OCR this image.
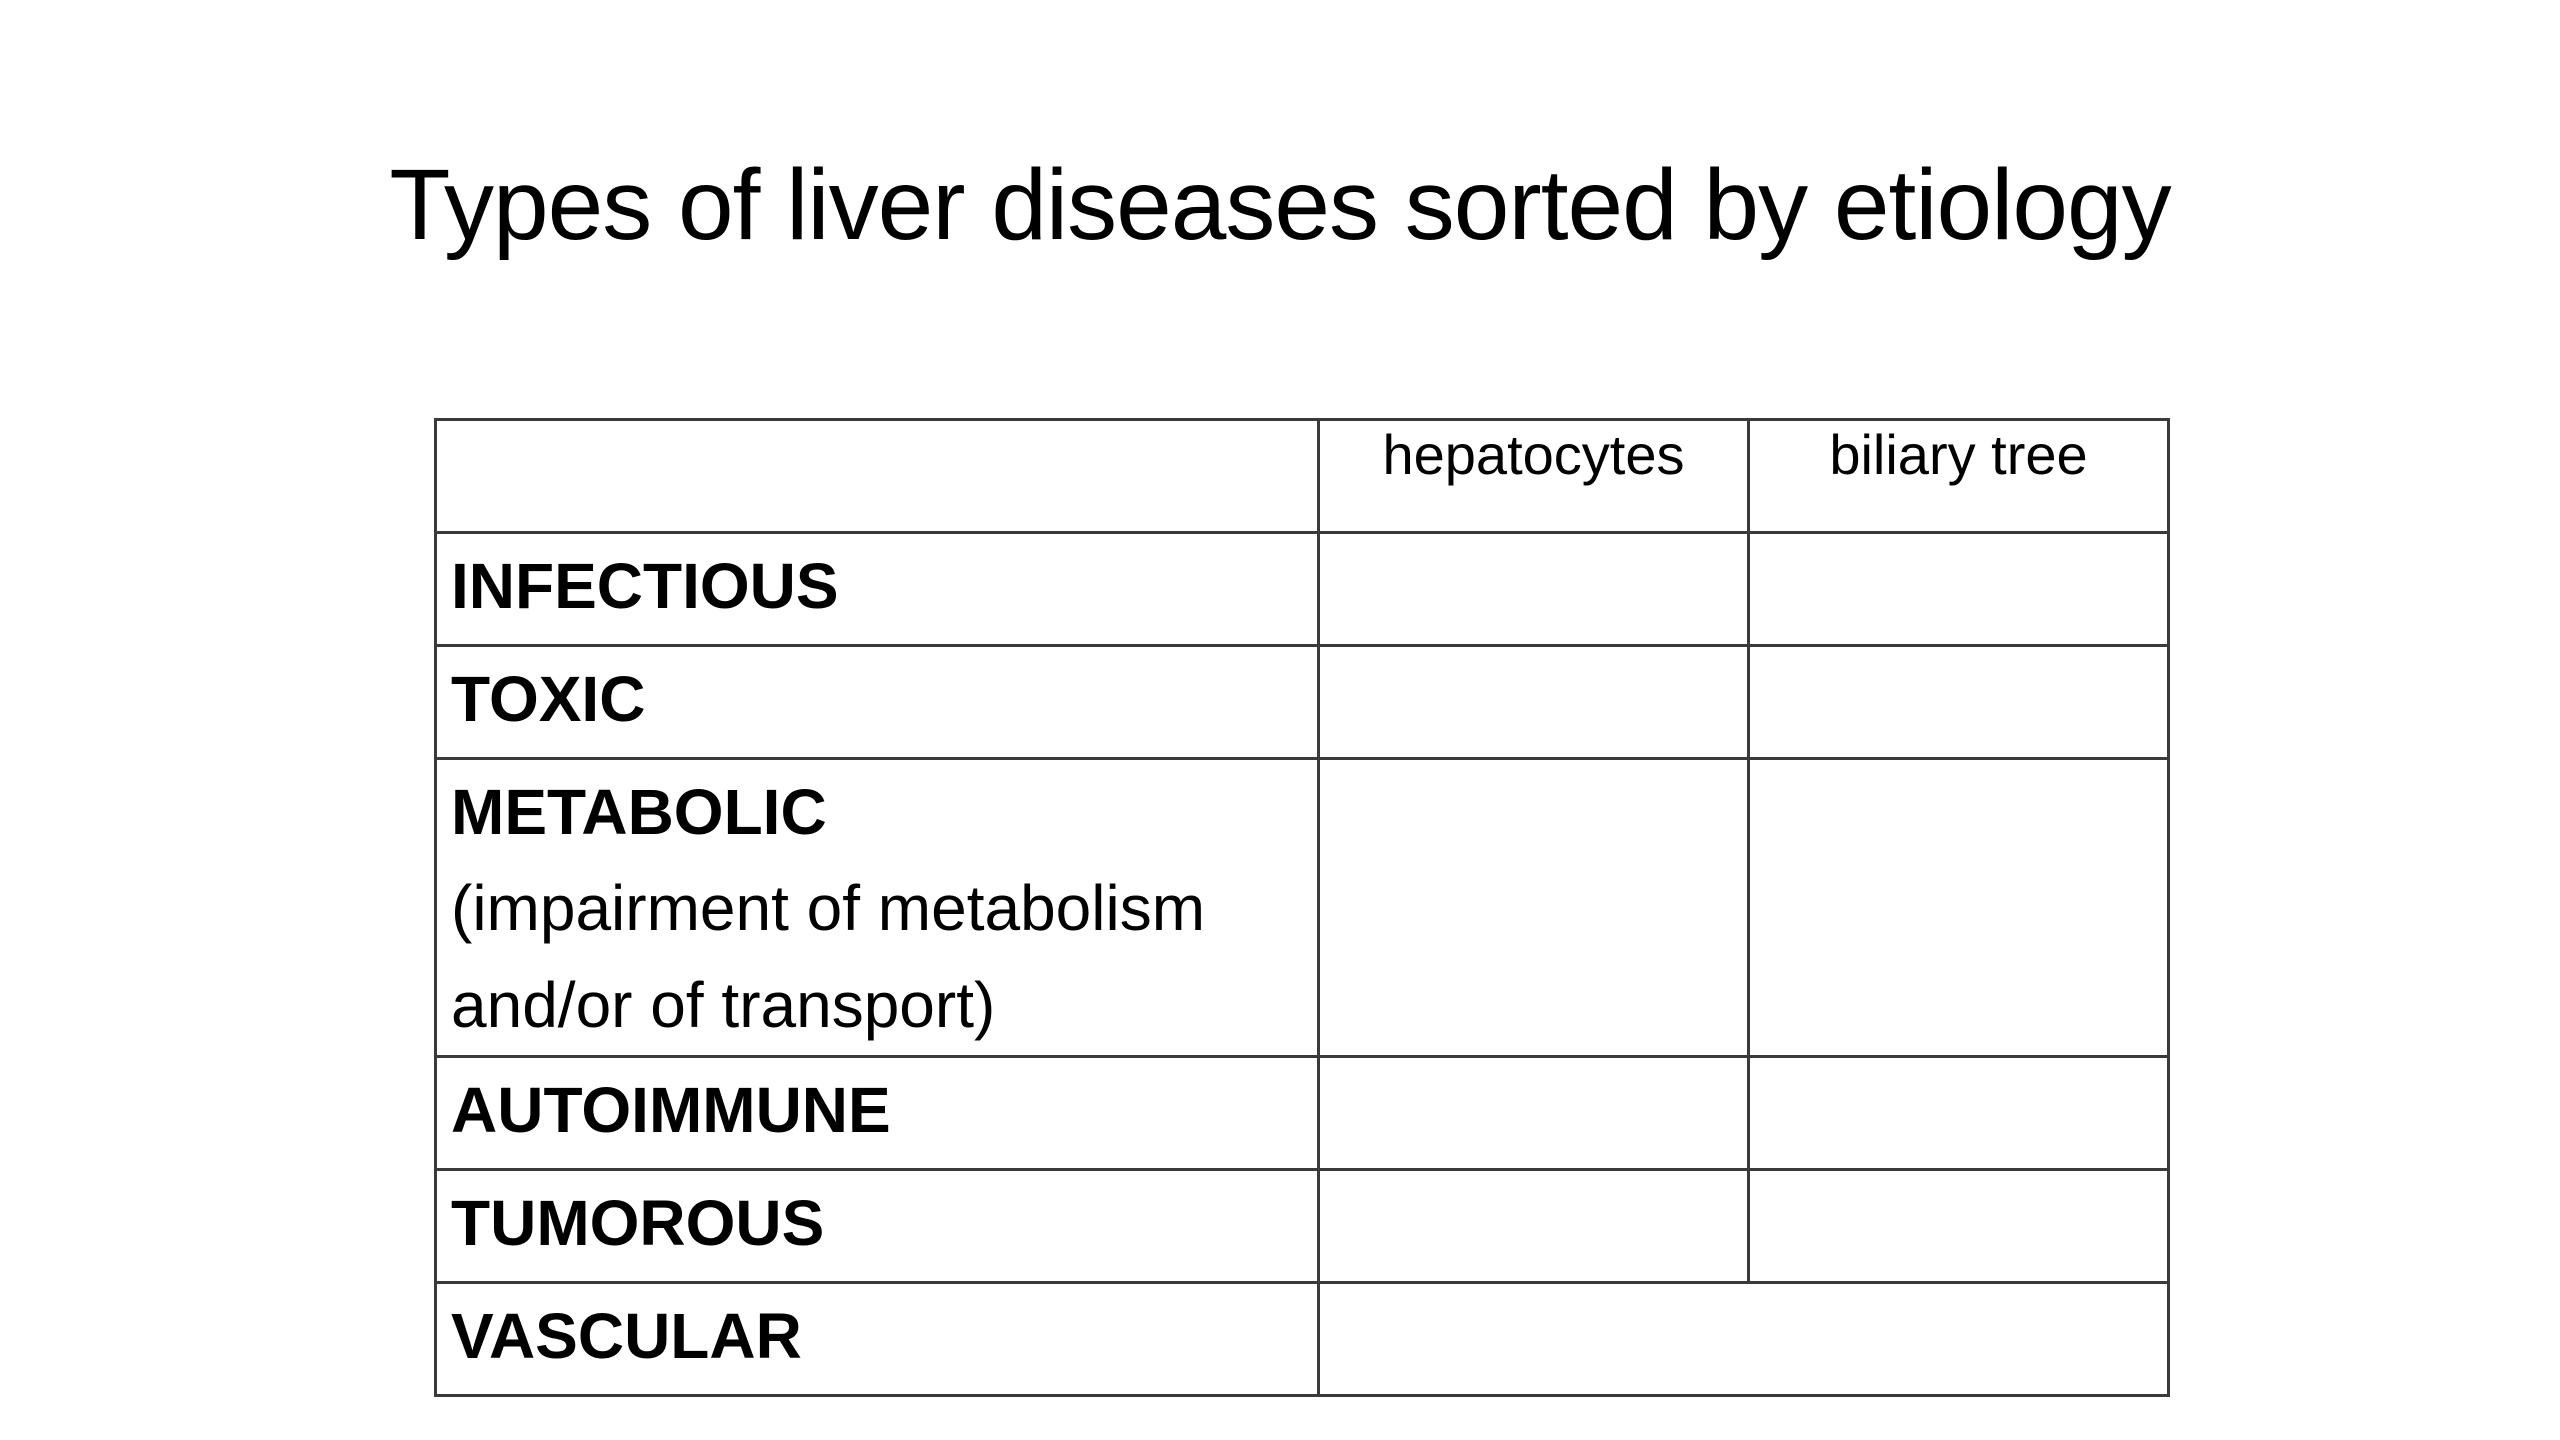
Types of liver diseases sorted by etiology
	hepatocytes	biliary tree

INFECTIOUS		

TOXIC		

METABOLIC
(impairment of metabolism and/or of transport)		

AUTOIMMUNE		

TUMOROUS		

VASCULAR		
